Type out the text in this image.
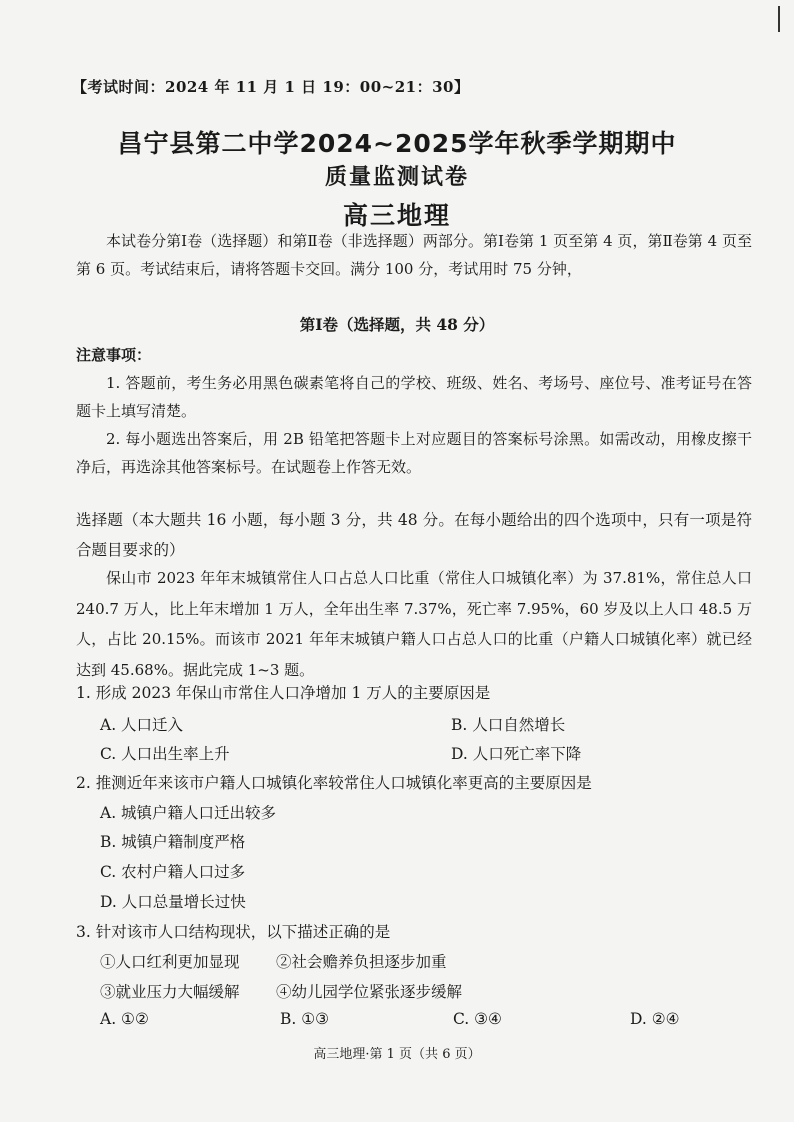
【考试时间：2024 年 11 月 1 日 19：00~21：30】
昌宁县第二中学2024~2025学年秋季学期期中
质量监测试卷
高三地理
本试卷分第Ⅰ卷（选择题）和第Ⅱ卷（非选择题）两部分。第Ⅰ卷第 1 页至第 4 页，第Ⅱ卷第 4 页至第 6 页。考试结束后，请将答题卡交回。满分 100 分，考试用时 75 分钟，
第Ⅰ卷（选择题，共 48 分）
注意事项：

1. 答题前，考生务必用黑色碳素笔将自己的学校、班级、姓名、考场号、座位号、准考证号在答题卡上填写清楚。

2. 每小题选出答案后，用 2B 铅笔把答题卡上对应题目的答案标号涂黑。如需改动，用橡皮擦干净后，再选涂其他答案标号。在试题卷上作答无效。

选择题（本大题共 16 小题，每小题 3 分，共 48 分。在每小题给出的四个选项中，只有一项是符合题目要求的）
保山市 2023 年年末城镇常住人口占总人口比重（常住人口城镇化率）为 37.81%，常住总人口 240.7 万人，比上年末增加 1 万人，全年出生率 7.37%，死亡率 7.95%，60 岁及以上人口 48.5 万人，占比 20.15%。而该市 2021 年年末城镇户籍人口占总人口的比重（户籍人口城镇化率）就已经达到 45.68%。据此完成 1~3 题。
1. 形成 2023 年保山市常住人口净增加 1 万人的主要原因是
A. 人口迁入	B. 人口自然增长
C. 人口出生率上升	D. 人口死亡率下降
2. 推测近年来该市户籍人口城镇化率较常住人口城镇化率更高的主要原因是
A. 城镇户籍人口迁出较多
B. 城镇户籍制度严格
C. 农村户籍人口过多
D. 人口总量增长过快
3. 针对该市人口结构现状，以下描述正确的是
①人口红利更加显现 ②社会赡养负担逐步加重
③就业压力大幅缓解 ④幼儿园学位紧张逐步缓解
A. ①②	B. ①③	C. ③④	D. ②④
高三地理·第 1 页（共 6 页）
